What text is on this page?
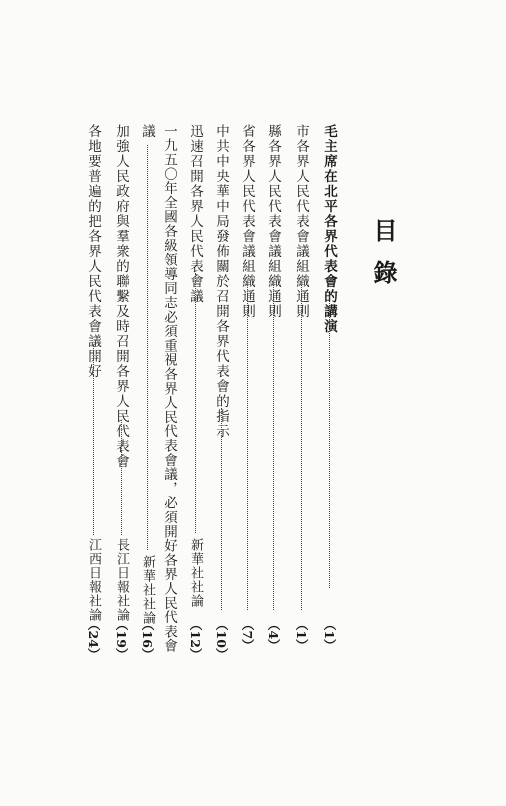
目錄
毛主席在北平各界代表會的講演
（1）
市各界人民代表會議組織通則
（1）
縣各界人民代表會議組織通則
（4）
省各界人民代表會議組織通則
（7）
中共中央華中局發佈關於召開各界代表會的指示
（10）
迅速召開各界人民代表會議
新華社社論
（12）
一九五〇年全國各級領導同志必須重視各界人民代表會議，必須開好各界人民代表會
議
新華社社論
（16）
加強人民政府與羣衆的聯繫及時召開各界人民代表會
長江日報社論
（19）
各地要普遍的把各界人民代表會議開好
江西日報社論
（24）
